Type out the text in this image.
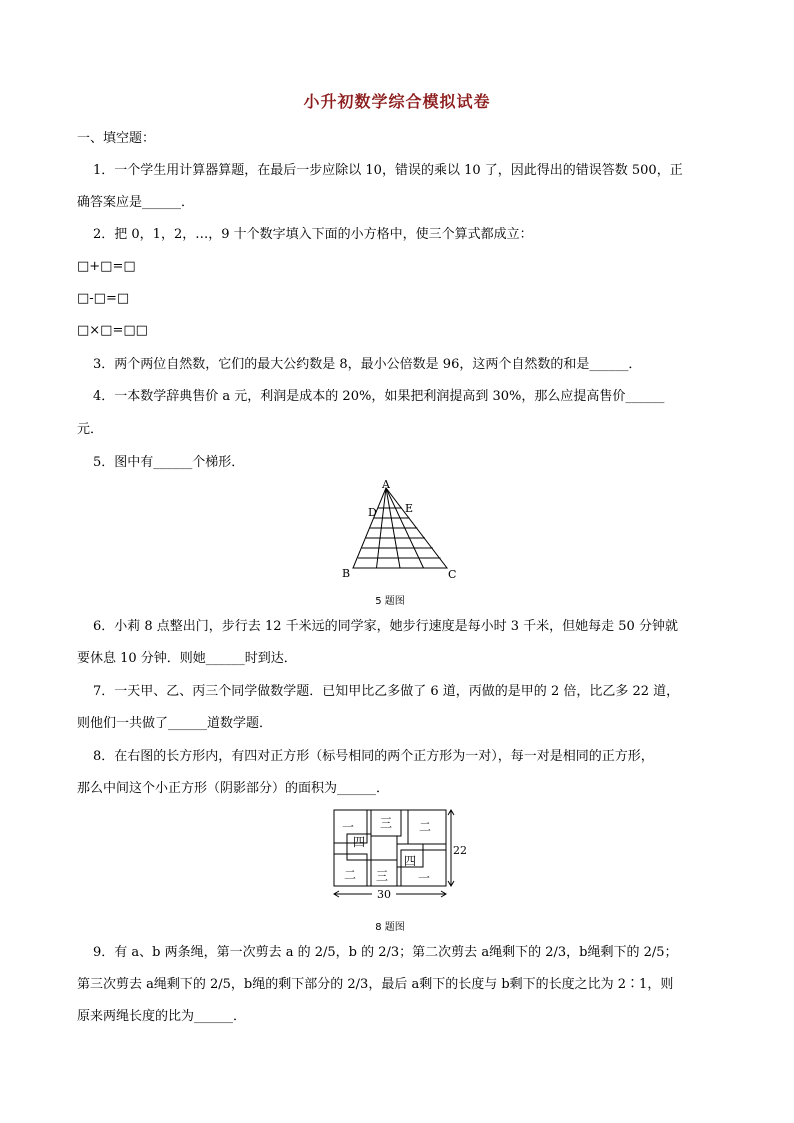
小升初数学综合模拟试卷
一、填空题：
1．一个学生用计算器算题，在最后一步应除以 10，错误的乘以 10 了，因此得出的错误答数 500，正
确答案应是______．
2．把 0，1，2，…，9 十个数字填入下面的小方格中，使三个算式都成立：
□+□=□
□-□=□
□×□=□□
3．两个两位自然数，它们的最大公约数是 8，最小公倍数是 96，这两个自然数的和是______．
4．一本数学辞典售价 a 元，利润是成本的 20%，如果把利润提高到 30%，那么应提高售价______
元．
5．图中有______个梯形．
A
D	E
B	C
5 题图
6．小莉 8 点整出门，步行去 12 千米远的同学家，她步行速度是每小时 3 千米，但她每走 50 分钟就
要休息 10 分钟．则她______时到达．
7．一天甲、乙、丙三个同学做数学题．已知甲比乙多做了 6 道，丙做的是甲的 2 倍，比乙多 22 道，
则他们一共做了______道数学题．
8．在右图的长方形内，有四对正方形（标号相同的两个正方形为一对），每一对是相同的正方形，
那么中间这个小正方形（阴影部分）的面积为______．
一 三 二
四
四
二 三 一
22
30
8 题图
9．有 a、b 两条绳，第一次剪去 a 的 2/5，b 的 2/3；第二次剪去 a绳剩下的 2/3，b绳剩下的 2/5；
第三次剪去 a绳剩下的 2/5，b绳的剩下部分的 2/3，最后 a剩下的长度与 b剩下的长度之比为 2∶1，则
原来两绳长度的比为______．
